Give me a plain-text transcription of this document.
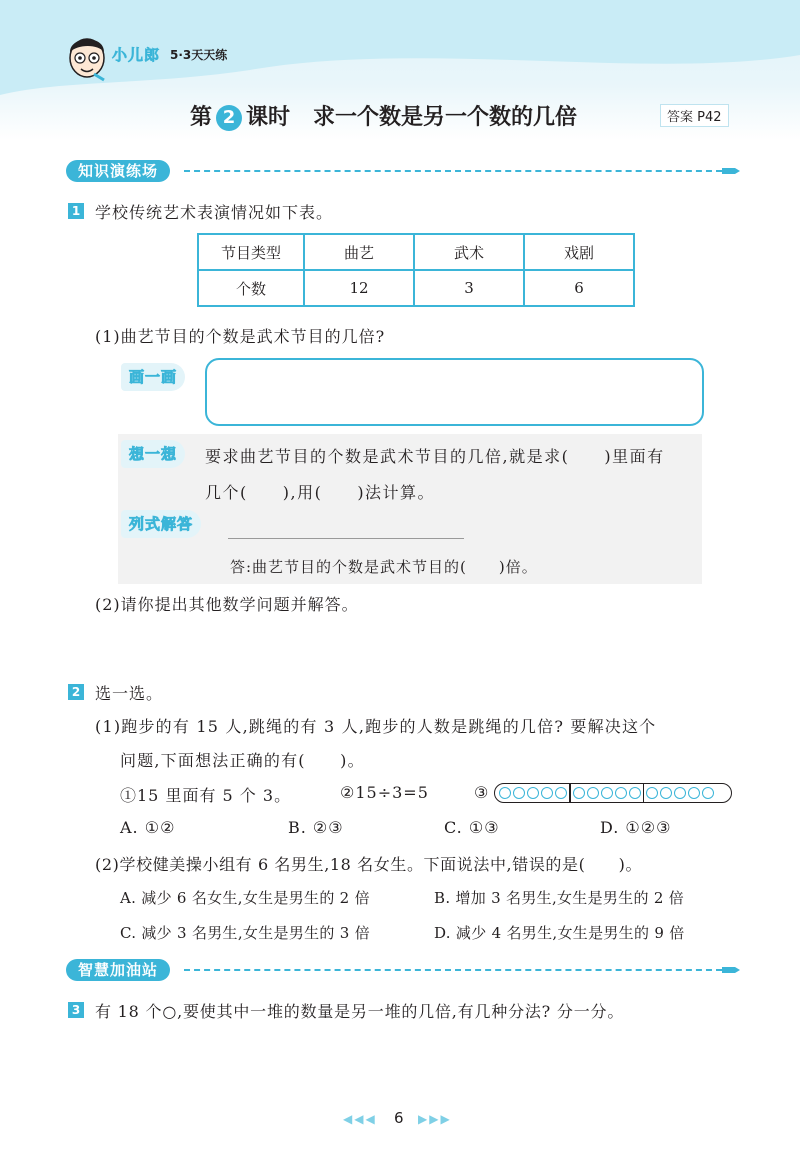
小儿郎 5·3天天练
第 2 课时 求一个数是另一个数的几倍	答案 P42
知识演练场
1 学校传统艺术表演情况如下表。
节目类型	曲艺	武术	戏剧
个数	12	3	6
(1)曲艺节目的个数是武术节目的几倍?
画一画
想一想	要求曲艺节目的个数是武术节目的几倍,就是求(　　)里面有
几个(　　),用(　　)法计算。
列式解答
答:曲艺节目的个数是武术节目的(　　)倍。
(2)请你提出其他数学问题并解答。
2 选一选。
(1)跑步的有 15 人,跳绳的有 3 人,跑步的人数是跳绳的几倍? 要解决这个
问题,下面想法正确的有(　　)。
①15 里面有 5 个 3。	②15÷3=5	③
A. ①②	B. ②③	C. ①③	D. ①②③
(2)学校健美操小组有 6 名男生,18 名女生。下面说法中,错误的是(　　)。
A. 减少 6 名女生,女生是男生的 2 倍	B. 增加 3 名男生,女生是男生的 2 倍
C. 减少 3 名男生,女生是男生的 3 倍	D. 减少 4 名男生,女生是男生的 9 倍
智慧加油站
3 有 18 个○,要使其中一堆的数量是另一堆的几倍,有几种分法? 分一分。
◀◀◀ 6 ▶▶▶
